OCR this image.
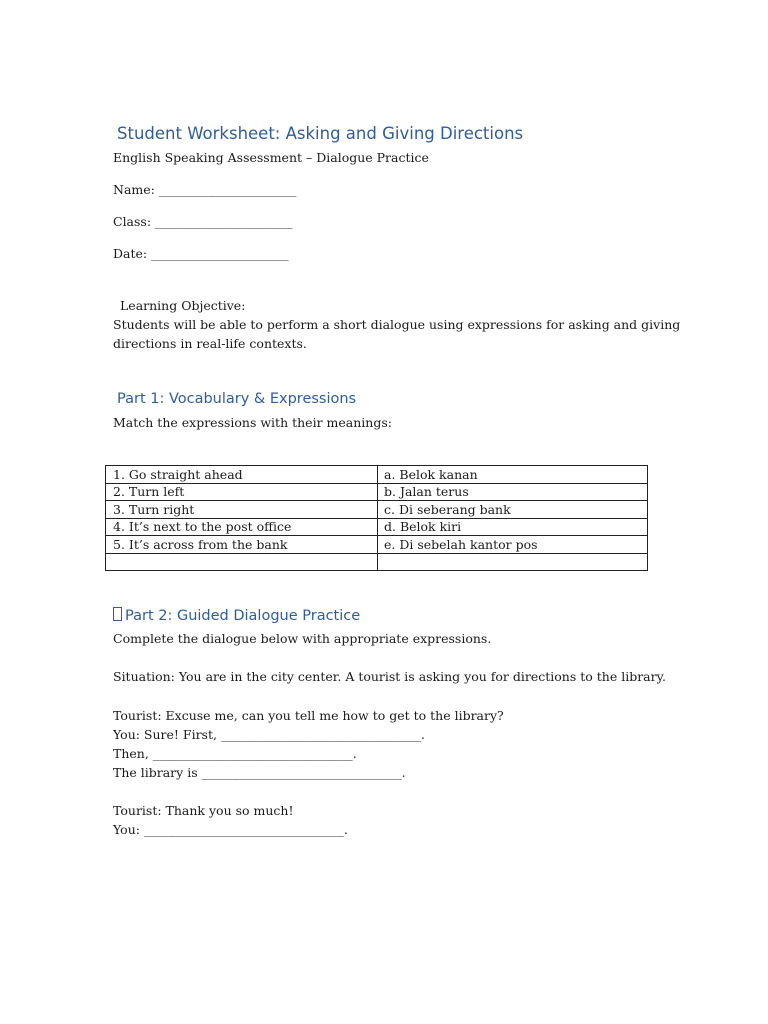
Student Worksheet: Asking and Giving Directions

English Speaking Assessment – Dialogue Practice

Name: ______________________

Class: ______________________

Date: ______________________

Learning Objective:

Students will be able to perform a short dialogue using expressions for asking and giving

directions in real-life contexts.

Part 1: Vocabulary & Expressions

Match the expressions with their meanings:

1. Go straight ahead	a. Belok kanan
2. Turn left	b. Jalan terus
3. Turn right	c. Di seberang bank
4. It’s next to the post office	d. Belok kiri
5. It’s across from the bank	e. Di sebelah kantor pos

Part 2: Guided Dialogue Practice

Complete the dialogue below with appropriate expressions.

Situation: You are in the city center. A tourist is asking you for directions to the library.

Tourist: Excuse me, can you tell me how to get to the library?

You: Sure! First, ________________________________.

Then, ________________________________.

The library is ________________________________.

Tourist: Thank you so much!

You: ________________________________.
